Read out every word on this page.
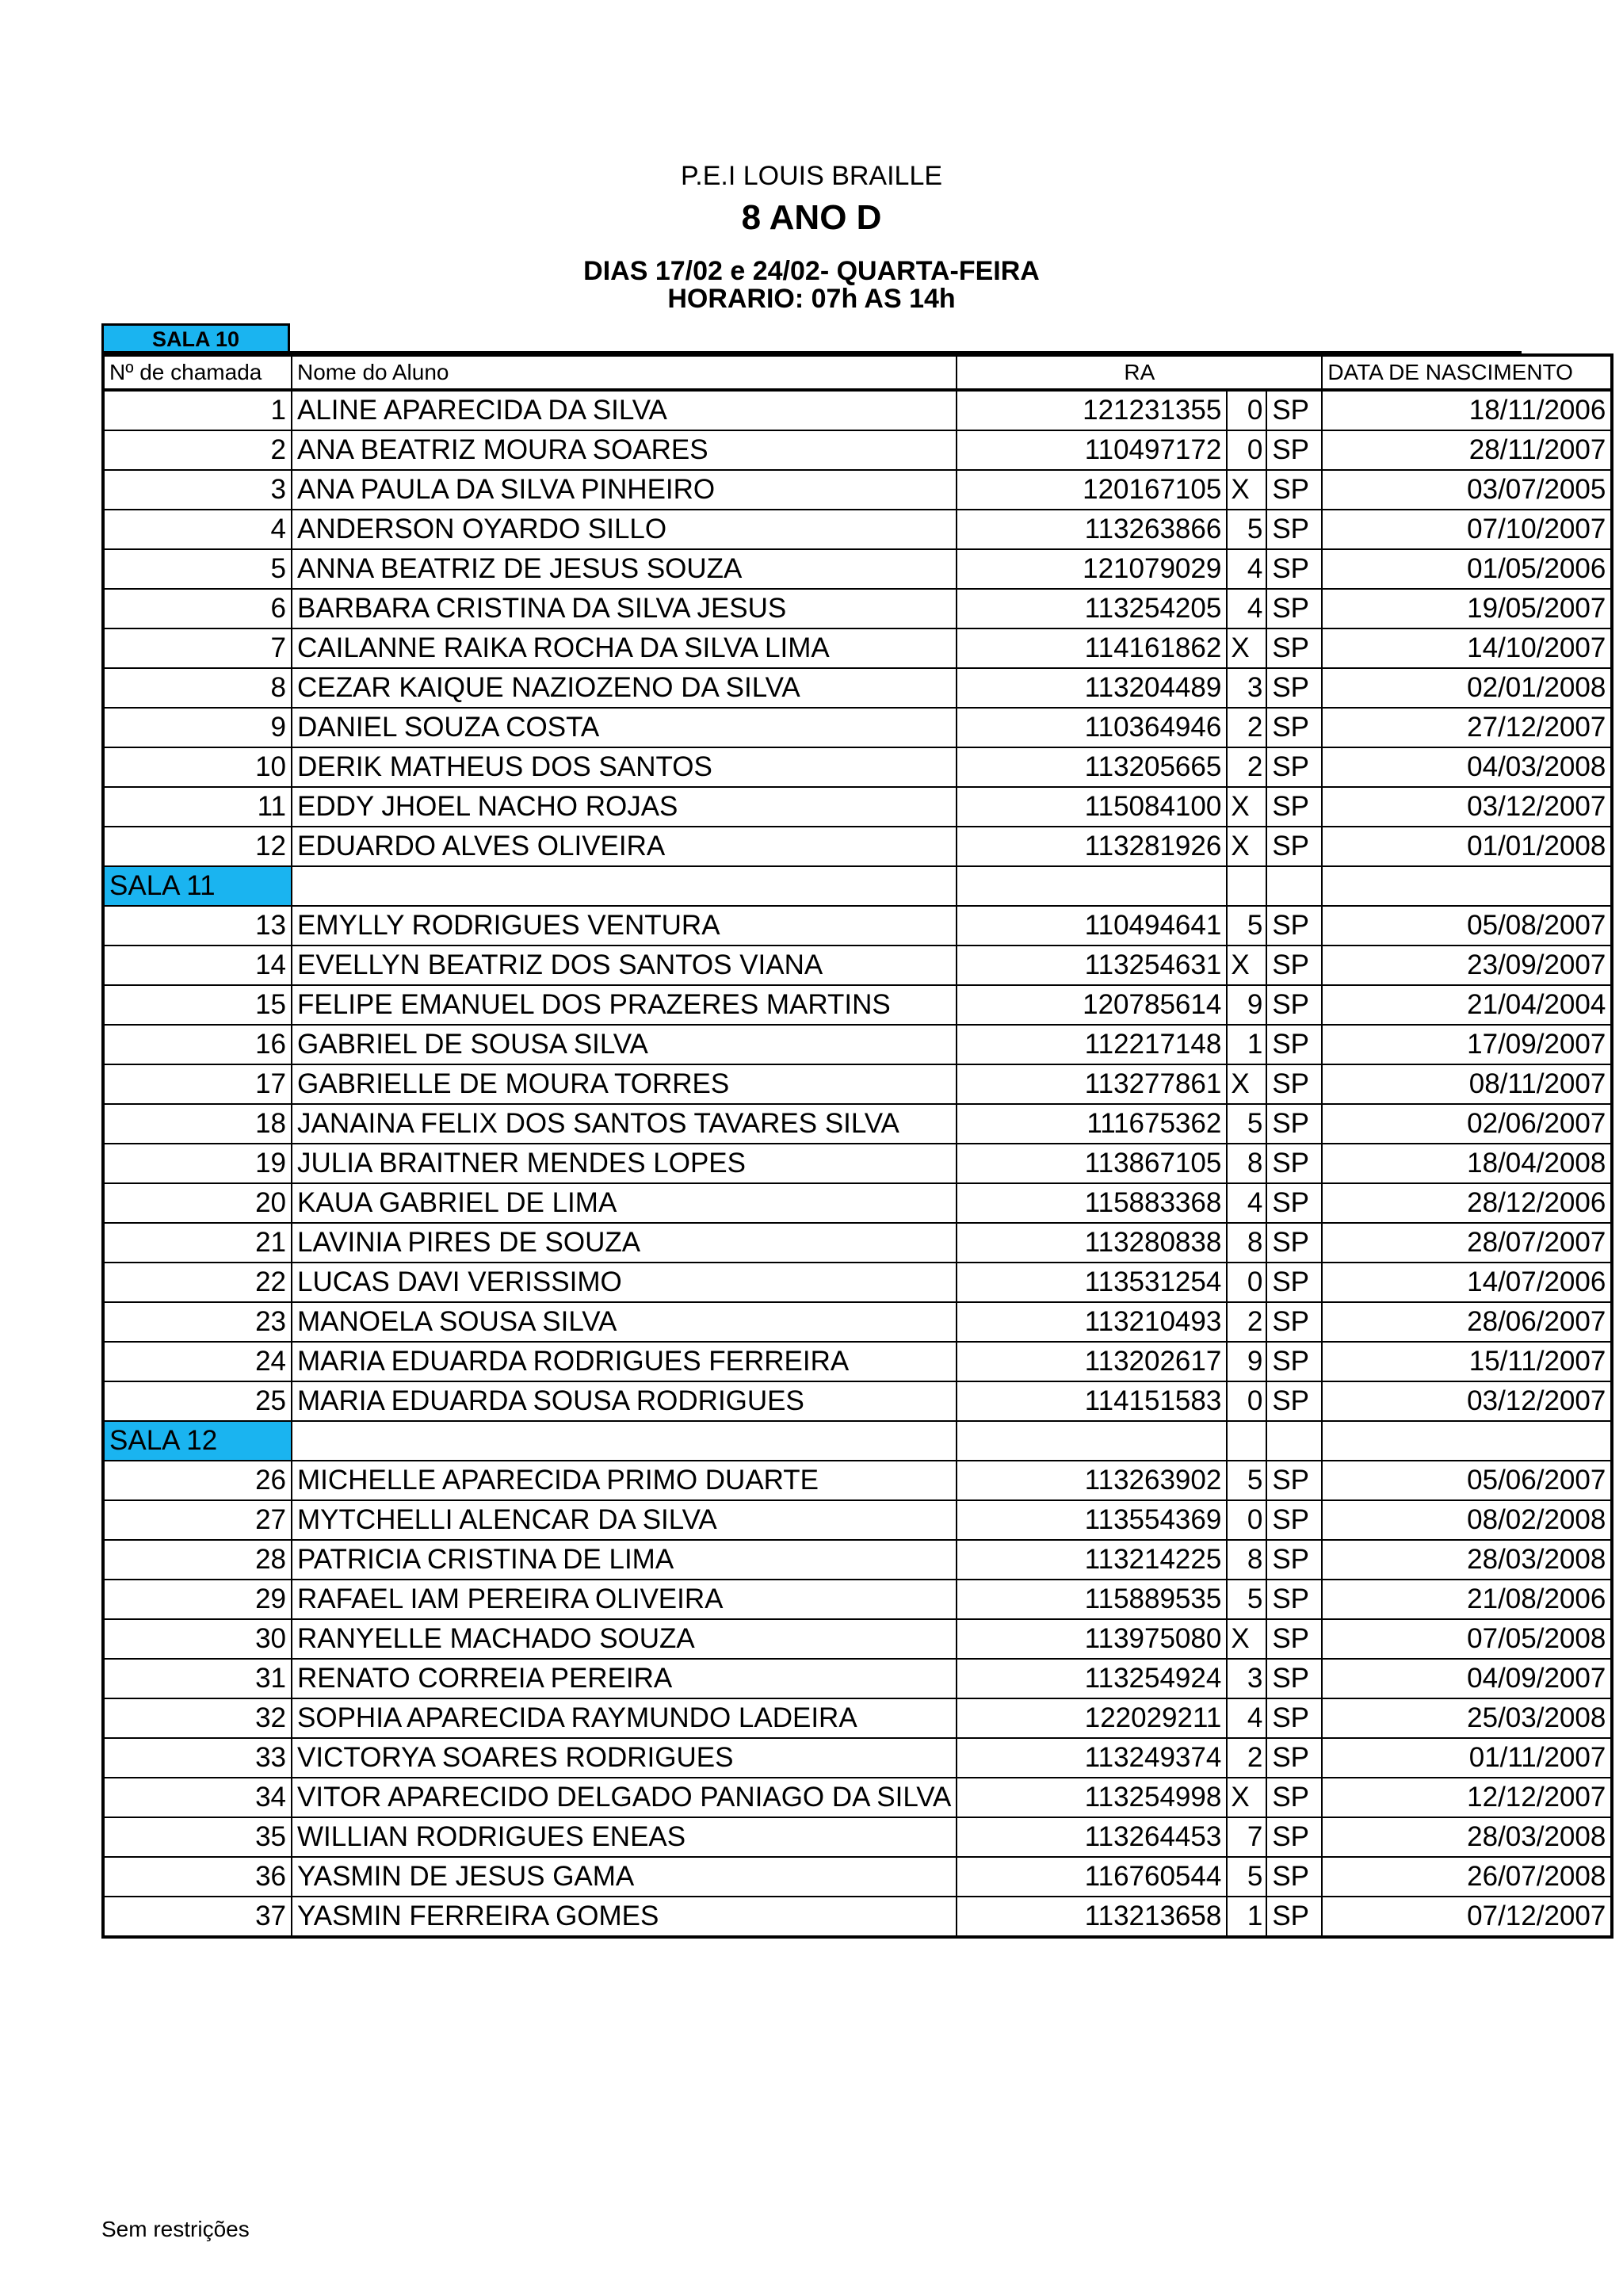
P.E.I LOUIS BRAILLE
8 ANO D
DIAS 17/02 e 24/02- QUARTA-FEIRA
HORARIO: 07h AS 14h
SALA 10
Nº de chamada	Nome do Aluno	RA			DATA DE NASCIMENTO
1	ALINE APARECIDA DA SILVA	121231355	0	SP	18/11/2006
2	ANA BEATRIZ MOURA SOARES	110497172	0	SP	28/11/2007
3	ANA PAULA DA SILVA PINHEIRO	120167105	X	SP	03/07/2005
4	ANDERSON OYARDO SILLO	113263866	5	SP	07/10/2007
5	ANNA BEATRIZ DE JESUS SOUZA	121079029	4	SP	01/05/2006
6	BARBARA CRISTINA DA SILVA JESUS	113254205	4	SP	19/05/2007
7	CAILANNE RAIKA ROCHA DA SILVA LIMA	114161862	X	SP	14/10/2007
8	CEZAR KAIQUE NAZIOZENO DA SILVA	113204489	3	SP	02/01/2008
9	DANIEL SOUZA COSTA	110364946	2	SP	27/12/2007
10	DERIK MATHEUS DOS SANTOS	113205665	2	SP	04/03/2008
11	EDDY JHOEL NACHO ROJAS	115084100	X	SP	03/12/2007
12	EDUARDO ALVES OLIVEIRA	113281926	X	SP	01/01/2008
SALA 11					
13	EMYLLY RODRIGUES VENTURA	110494641	5	SP	05/08/2007
14	EVELLYN BEATRIZ DOS SANTOS VIANA	113254631	X	SP	23/09/2007
15	FELIPE EMANUEL DOS PRAZERES MARTINS	120785614	9	SP	21/04/2004
16	GABRIEL DE SOUSA SILVA	112217148	1	SP	17/09/2007
17	GABRIELLE DE MOURA TORRES	113277861	X	SP	08/11/2007
18	JANAINA FELIX DOS SANTOS TAVARES SILVA	111675362	5	SP	02/06/2007
19	JULIA BRAITNER MENDES LOPES	113867105	8	SP	18/04/2008
20	KAUA GABRIEL DE LIMA	115883368	4	SP	28/12/2006
21	LAVINIA PIRES DE SOUZA	113280838	8	SP	28/07/2007
22	LUCAS DAVI VERISSIMO	113531254	0	SP	14/07/2006
23	MANOELA SOUSA SILVA	113210493	2	SP	28/06/2007
24	MARIA EDUARDA RODRIGUES FERREIRA	113202617	9	SP	15/11/2007
25	MARIA EDUARDA SOUSA RODRIGUES	114151583	0	SP	03/12/2007
SALA 12					
26	MICHELLE APARECIDA PRIMO DUARTE	113263902	5	SP	05/06/2007
27	MYTCHELLI ALENCAR DA SILVA	113554369	0	SP	08/02/2008
28	PATRICIA CRISTINA DE LIMA	113214225	8	SP	28/03/2008
29	RAFAEL IAM PEREIRA OLIVEIRA	115889535	5	SP	21/08/2006
30	RANYELLE MACHADO SOUZA	113975080	X	SP	07/05/2008
31	RENATO CORREIA PEREIRA	113254924	3	SP	04/09/2007
32	SOPHIA APARECIDA RAYMUNDO LADEIRA	122029211	4	SP	25/03/2008
33	VICTORYA SOARES RODRIGUES	113249374	2	SP	01/11/2007
34	VITOR APARECIDO DELGADO PANIAGO DA SILVA	113254998	X	SP	12/12/2007
35	WILLIAN RODRIGUES ENEAS	113264453	7	SP	28/03/2008
36	YASMIN DE JESUS GAMA	116760544	5	SP	26/07/2008
37	YASMIN FERREIRA GOMES	113213658	1	SP	07/12/2007
Sem restrições
